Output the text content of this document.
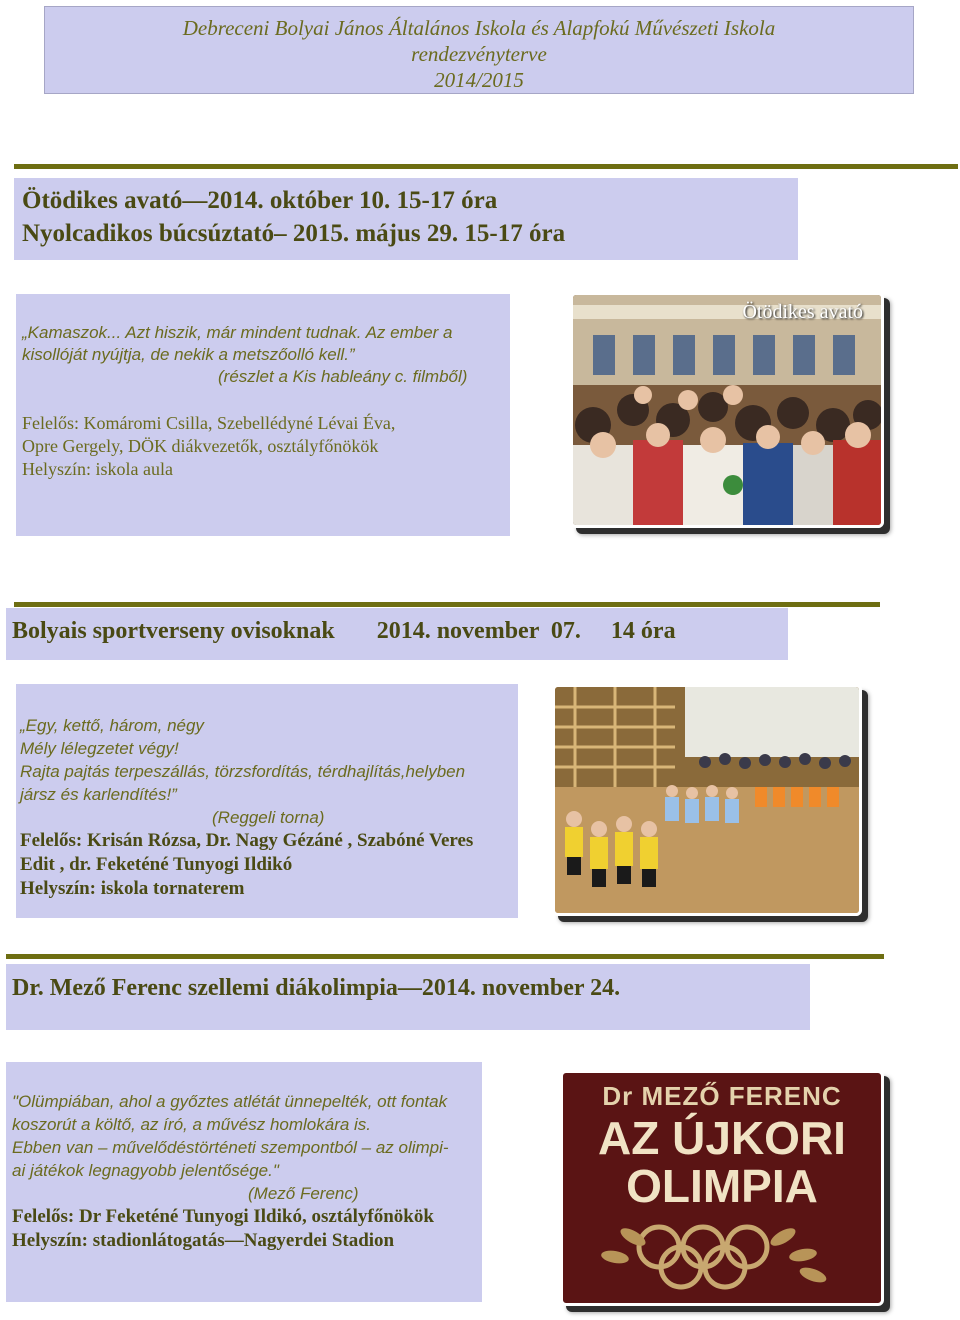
Debreceni Bolyai János Általános Iskola és Alapfokú Művészeti Iskola
rendezvényterve
2014/2015
Ötödikes avató—2014. október 10. 15-17 óra
Nyolcadikos búcsúztató– 2015. május 29. 15-17 óra
„Kamaszok... Azt hiszik, már mindent tudnak. Az ember a
kisollóját nyújtja, de nekik a metszőolló kell.”
(részlet a Kis hableány c. filmből)
Felelős: Komáromi Csilla, Szebellédyné Lévai Éva,
Opre Gergely, DÖK diákvezetők, osztályfőnökök
Helyszín: iskola aula
Ötödikes avató
Bolyais sportverseny ovisoknak       2014. november  07.     14 óra
„Egy, kettő, három, négy
Mély lélegzetet végy!
Rajta pajtás terpeszállás, törzsfordítás, térdhajlítás,helyben
jársz és karlendítés!”
(Reggeli torna)
Felelős: Krisán Rózsa, Dr. Nagy Gézáné , Szabóné Veres
Edit , dr. Feketéné Tunyogi Ildikó
Helyszín: iskola tornaterem
Dr. Mező Ferenc szellemi diákolimpia—2014. november 24.
"Olümpiában, ahol a győztes atlétát ünnepelték, ott fontak
koszorút a költő, az író, a művész homlokára is.
Ebben van – művelődéstörténeti szempontból – az olimpi-
ai játékok legnagyobb jelentősége."
(Mező Ferenc)
Felelős: Dr Feketéné Tunyogi Ildikó, osztályfőnökök
Helyszín: stadionlátogatás—Nagyerdei Stadion
Dr MEZŐ FERENC
AZ ÚJKORI
OLIMPIA
